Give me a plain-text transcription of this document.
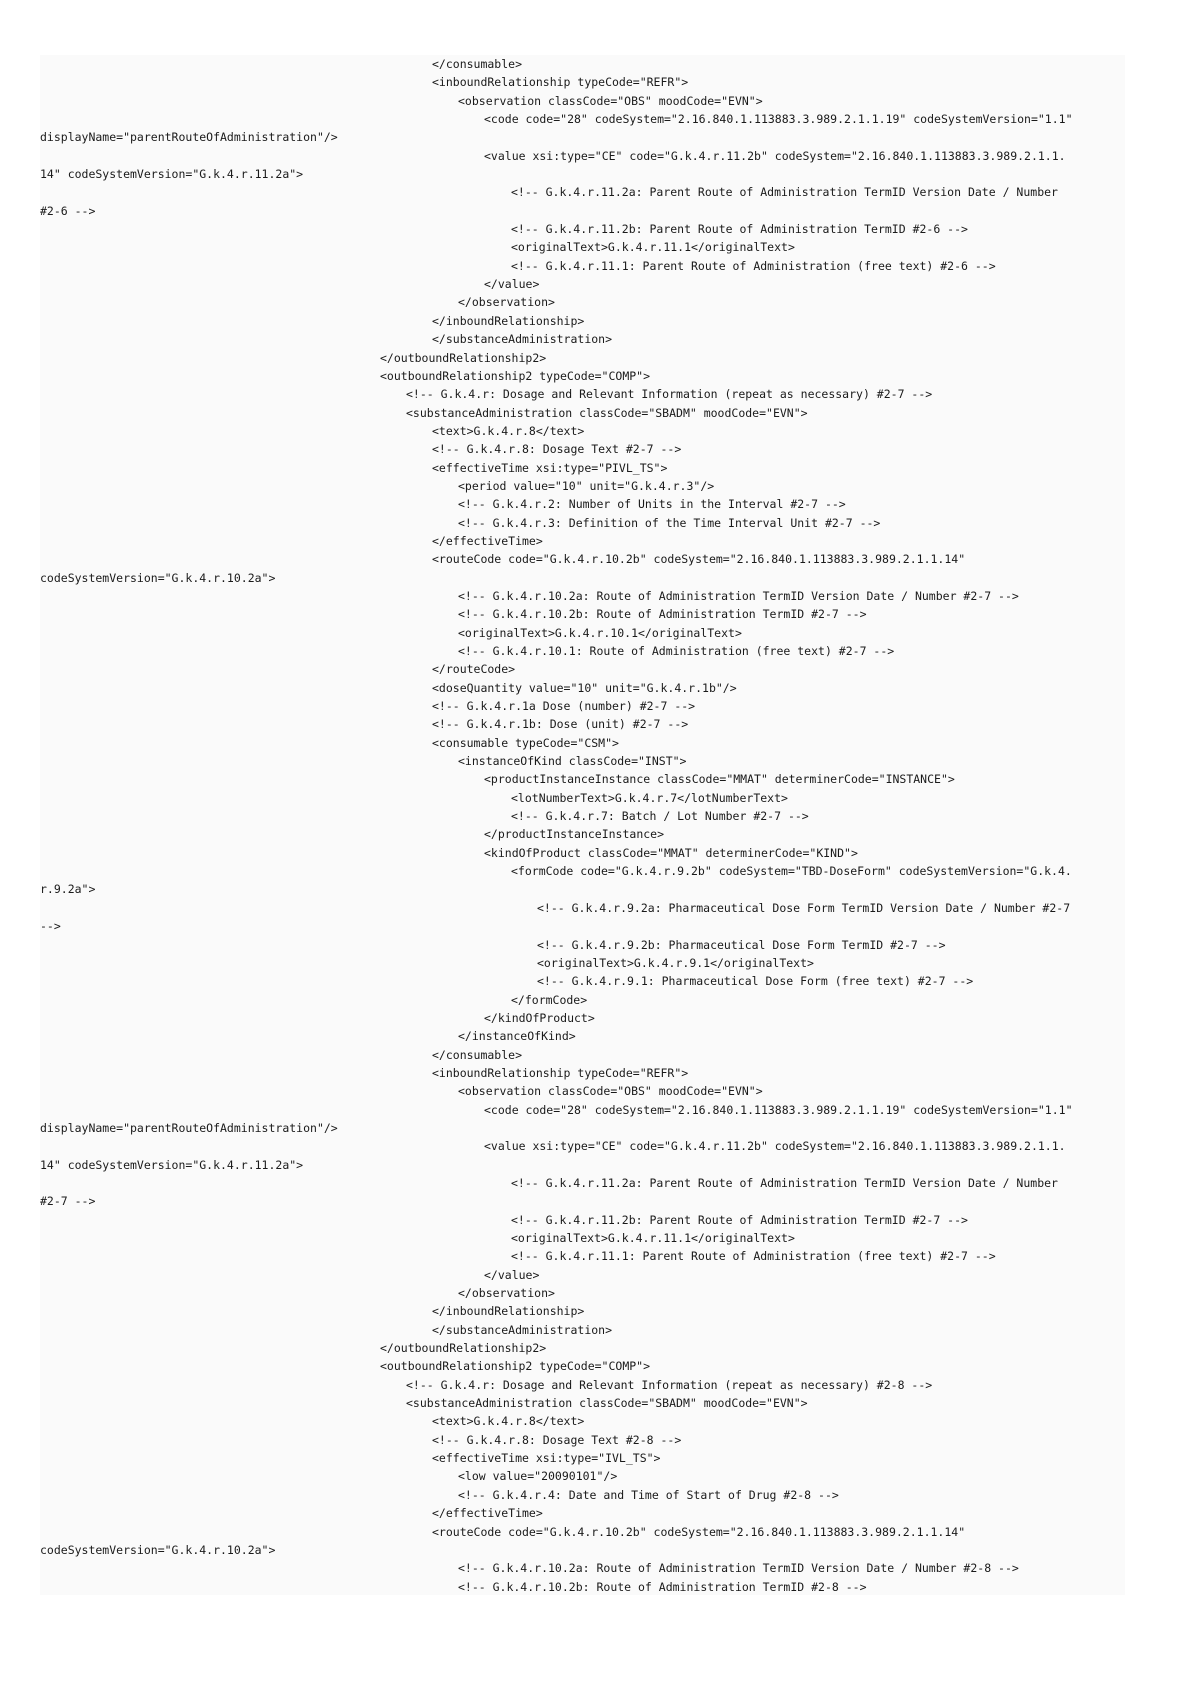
</consumable>
<inboundRelationship typeCode="REFR">
<observation classCode="OBS" moodCode="EVN">
<code code="28" codeSystem="2.16.840.1.113883.3.989.2.1.1.19" codeSystemVersion="1.1"
displayName="parentRouteOfAdministration"/>
<value xsi:type="CE" code="G.k.4.r.11.2b" codeSystem="2.16.840.1.113883.3.989.2.1.1.
14" codeSystemVersion="G.k.4.r.11.2a">
<!-- G.k.4.r.11.2a: Parent Route of Administration TermID Version Date / Number
#2-6 -->
<!-- G.k.4.r.11.2b: Parent Route of Administration TermID #2-6 -->
<originalText>G.k.4.r.11.1</originalText>
<!-- G.k.4.r.11.1: Parent Route of Administration (free text) #2-6 -->
</value>
</observation>
</inboundRelationship>
</substanceAdministration>
</outboundRelationship2>
<outboundRelationship2 typeCode="COMP">
<!-- G.k.4.r: Dosage and Relevant Information (repeat as necessary) #2-7 -->
<substanceAdministration classCode="SBADM" moodCode="EVN">
<text>G.k.4.r.8</text>
<!-- G.k.4.r.8: Dosage Text #2-7 -->
<effectiveTime xsi:type="PIVL_TS">
<period value="10" unit="G.k.4.r.3"/>
<!-- G.k.4.r.2: Number of Units in the Interval #2-7 -->
<!-- G.k.4.r.3: Definition of the Time Interval Unit #2-7 -->
</effectiveTime>
<routeCode code="G.k.4.r.10.2b" codeSystem="2.16.840.1.113883.3.989.2.1.1.14"
codeSystemVersion="G.k.4.r.10.2a">
<!-- G.k.4.r.10.2a: Route of Administration TermID Version Date / Number #2-7 -->
<!-- G.k.4.r.10.2b: Route of Administration TermID #2-7 -->
<originalText>G.k.4.r.10.1</originalText>
<!-- G.k.4.r.10.1: Route of Administration (free text) #2-7 -->
</routeCode>
<doseQuantity value="10" unit="G.k.4.r.1b"/>
<!-- G.k.4.r.1a Dose (number) #2-7 -->
<!-- G.k.4.r.1b: Dose (unit) #2-7 -->
<consumable typeCode="CSM">
<instanceOfKind classCode="INST">
<productInstanceInstance classCode="MMAT" determinerCode="INSTANCE">
<lotNumberText>G.k.4.r.7</lotNumberText>
<!-- G.k.4.r.7: Batch / Lot Number #2-7 -->
</productInstanceInstance>
<kindOfProduct classCode="MMAT" determinerCode="KIND">
<formCode code="G.k.4.r.9.2b" codeSystem="TBD-DoseForm" codeSystemVersion="G.k.4.
r.9.2a">
<!-- G.k.4.r.9.2a: Pharmaceutical Dose Form TermID Version Date / Number #2-7
-->
<!-- G.k.4.r.9.2b: Pharmaceutical Dose Form TermID #2-7 -->
<originalText>G.k.4.r.9.1</originalText>
<!-- G.k.4.r.9.1: Pharmaceutical Dose Form (free text) #2-7 -->
</formCode>
</kindOfProduct>
</instanceOfKind>
</consumable>
<inboundRelationship typeCode="REFR">
<observation classCode="OBS" moodCode="EVN">
<code code="28" codeSystem="2.16.840.1.113883.3.989.2.1.1.19" codeSystemVersion="1.1"
displayName="parentRouteOfAdministration"/>
<value xsi:type="CE" code="G.k.4.r.11.2b" codeSystem="2.16.840.1.113883.3.989.2.1.1.
14" codeSystemVersion="G.k.4.r.11.2a">
<!-- G.k.4.r.11.2a: Parent Route of Administration TermID Version Date / Number
#2-7 -->
<!-- G.k.4.r.11.2b: Parent Route of Administration TermID #2-7 -->
<originalText>G.k.4.r.11.1</originalText>
<!-- G.k.4.r.11.1: Parent Route of Administration (free text) #2-7 -->
</value>
</observation>
</inboundRelationship>
</substanceAdministration>
</outboundRelationship2>
<outboundRelationship2 typeCode="COMP">
<!-- G.k.4.r: Dosage and Relevant Information (repeat as necessary) #2-8 -->
<substanceAdministration classCode="SBADM" moodCode="EVN">
<text>G.k.4.r.8</text>
<!-- G.k.4.r.8: Dosage Text #2-8 -->
<effectiveTime xsi:type="IVL_TS">
<low value="20090101"/>
<!-- G.k.4.r.4: Date and Time of Start of Drug #2-8 -->
</effectiveTime>
<routeCode code="G.k.4.r.10.2b" codeSystem="2.16.840.1.113883.3.989.2.1.1.14"
codeSystemVersion="G.k.4.r.10.2a">
<!-- G.k.4.r.10.2a: Route of Administration TermID Version Date / Number #2-8 -->
<!-- G.k.4.r.10.2b: Route of Administration TermID #2-8 -->
